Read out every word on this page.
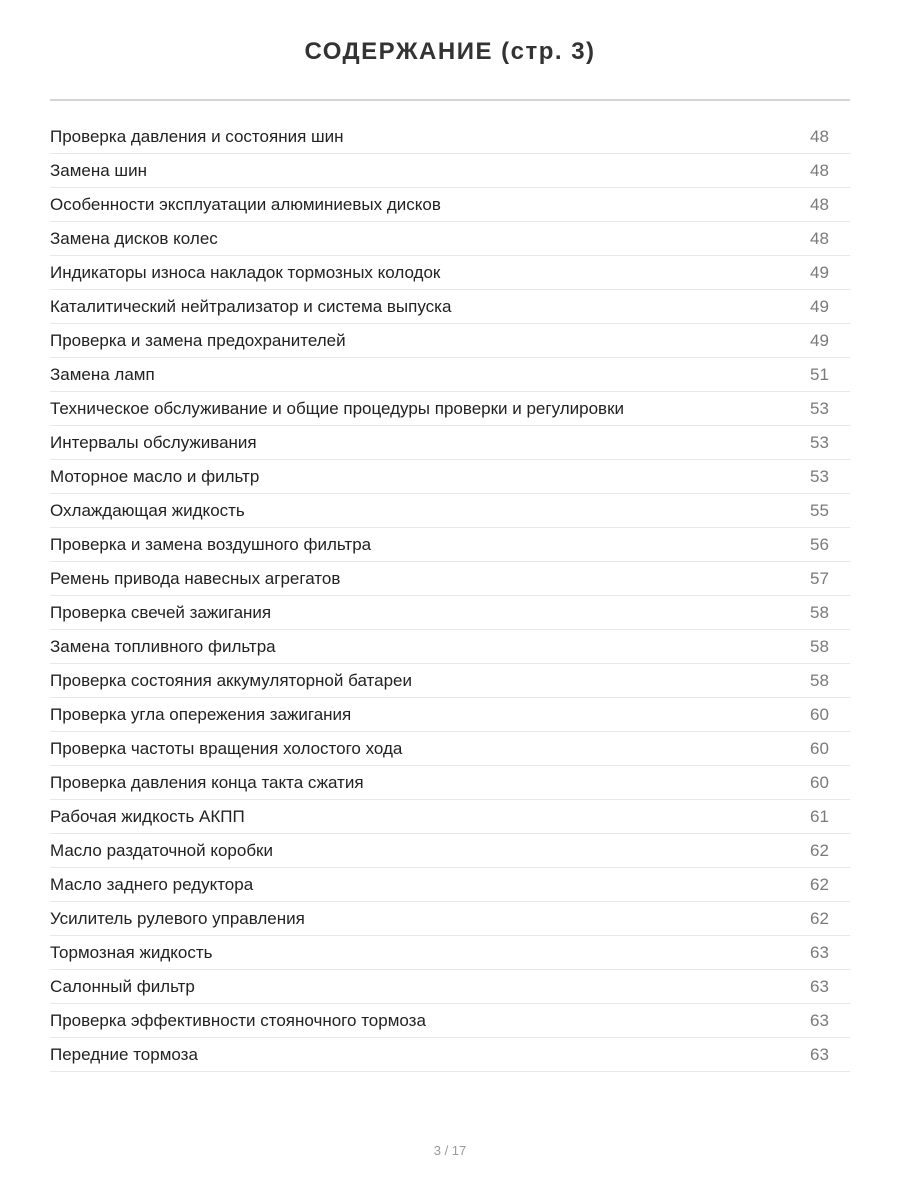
СОДЕРЖАНИЕ (стр. 3)
Проверка давления и состояния шин	48
Замена шин	48
Особенности эксплуатации алюминиевых дисков	48
Замена дисков колес	48
Индикаторы износа накладок тормозных колодок	49
Каталитический нейтрализатор и система выпуска	49
Проверка и замена предохранителей	49
Замена ламп	51
Техническое обслуживание и общие процедуры проверки и регулировки	53
Интервалы обслуживания	53
Моторное масло и фильтр	53
Охлаждающая жидкость	55
Проверка и замена воздушного фильтра	56
Ремень привода навесных агрегатов	57
Проверка свечей зажигания	58
Замена топливного фильтра	58
Проверка состояния аккумуляторной батареи	58
Проверка угла опережения зажигания	60
Проверка частоты вращения холостого хода	60
Проверка давления конца такта сжатия	60
Рабочая жидкость АКПП	61
Масло раздаточной коробки	62
Масло заднего редуктора	62
Усилитель рулевого управления	62
Тормозная жидкость	63
Салонный фильтр	63
Проверка эффективности стояночного тормоза	63
Передние тормоза	63
3 / 17
